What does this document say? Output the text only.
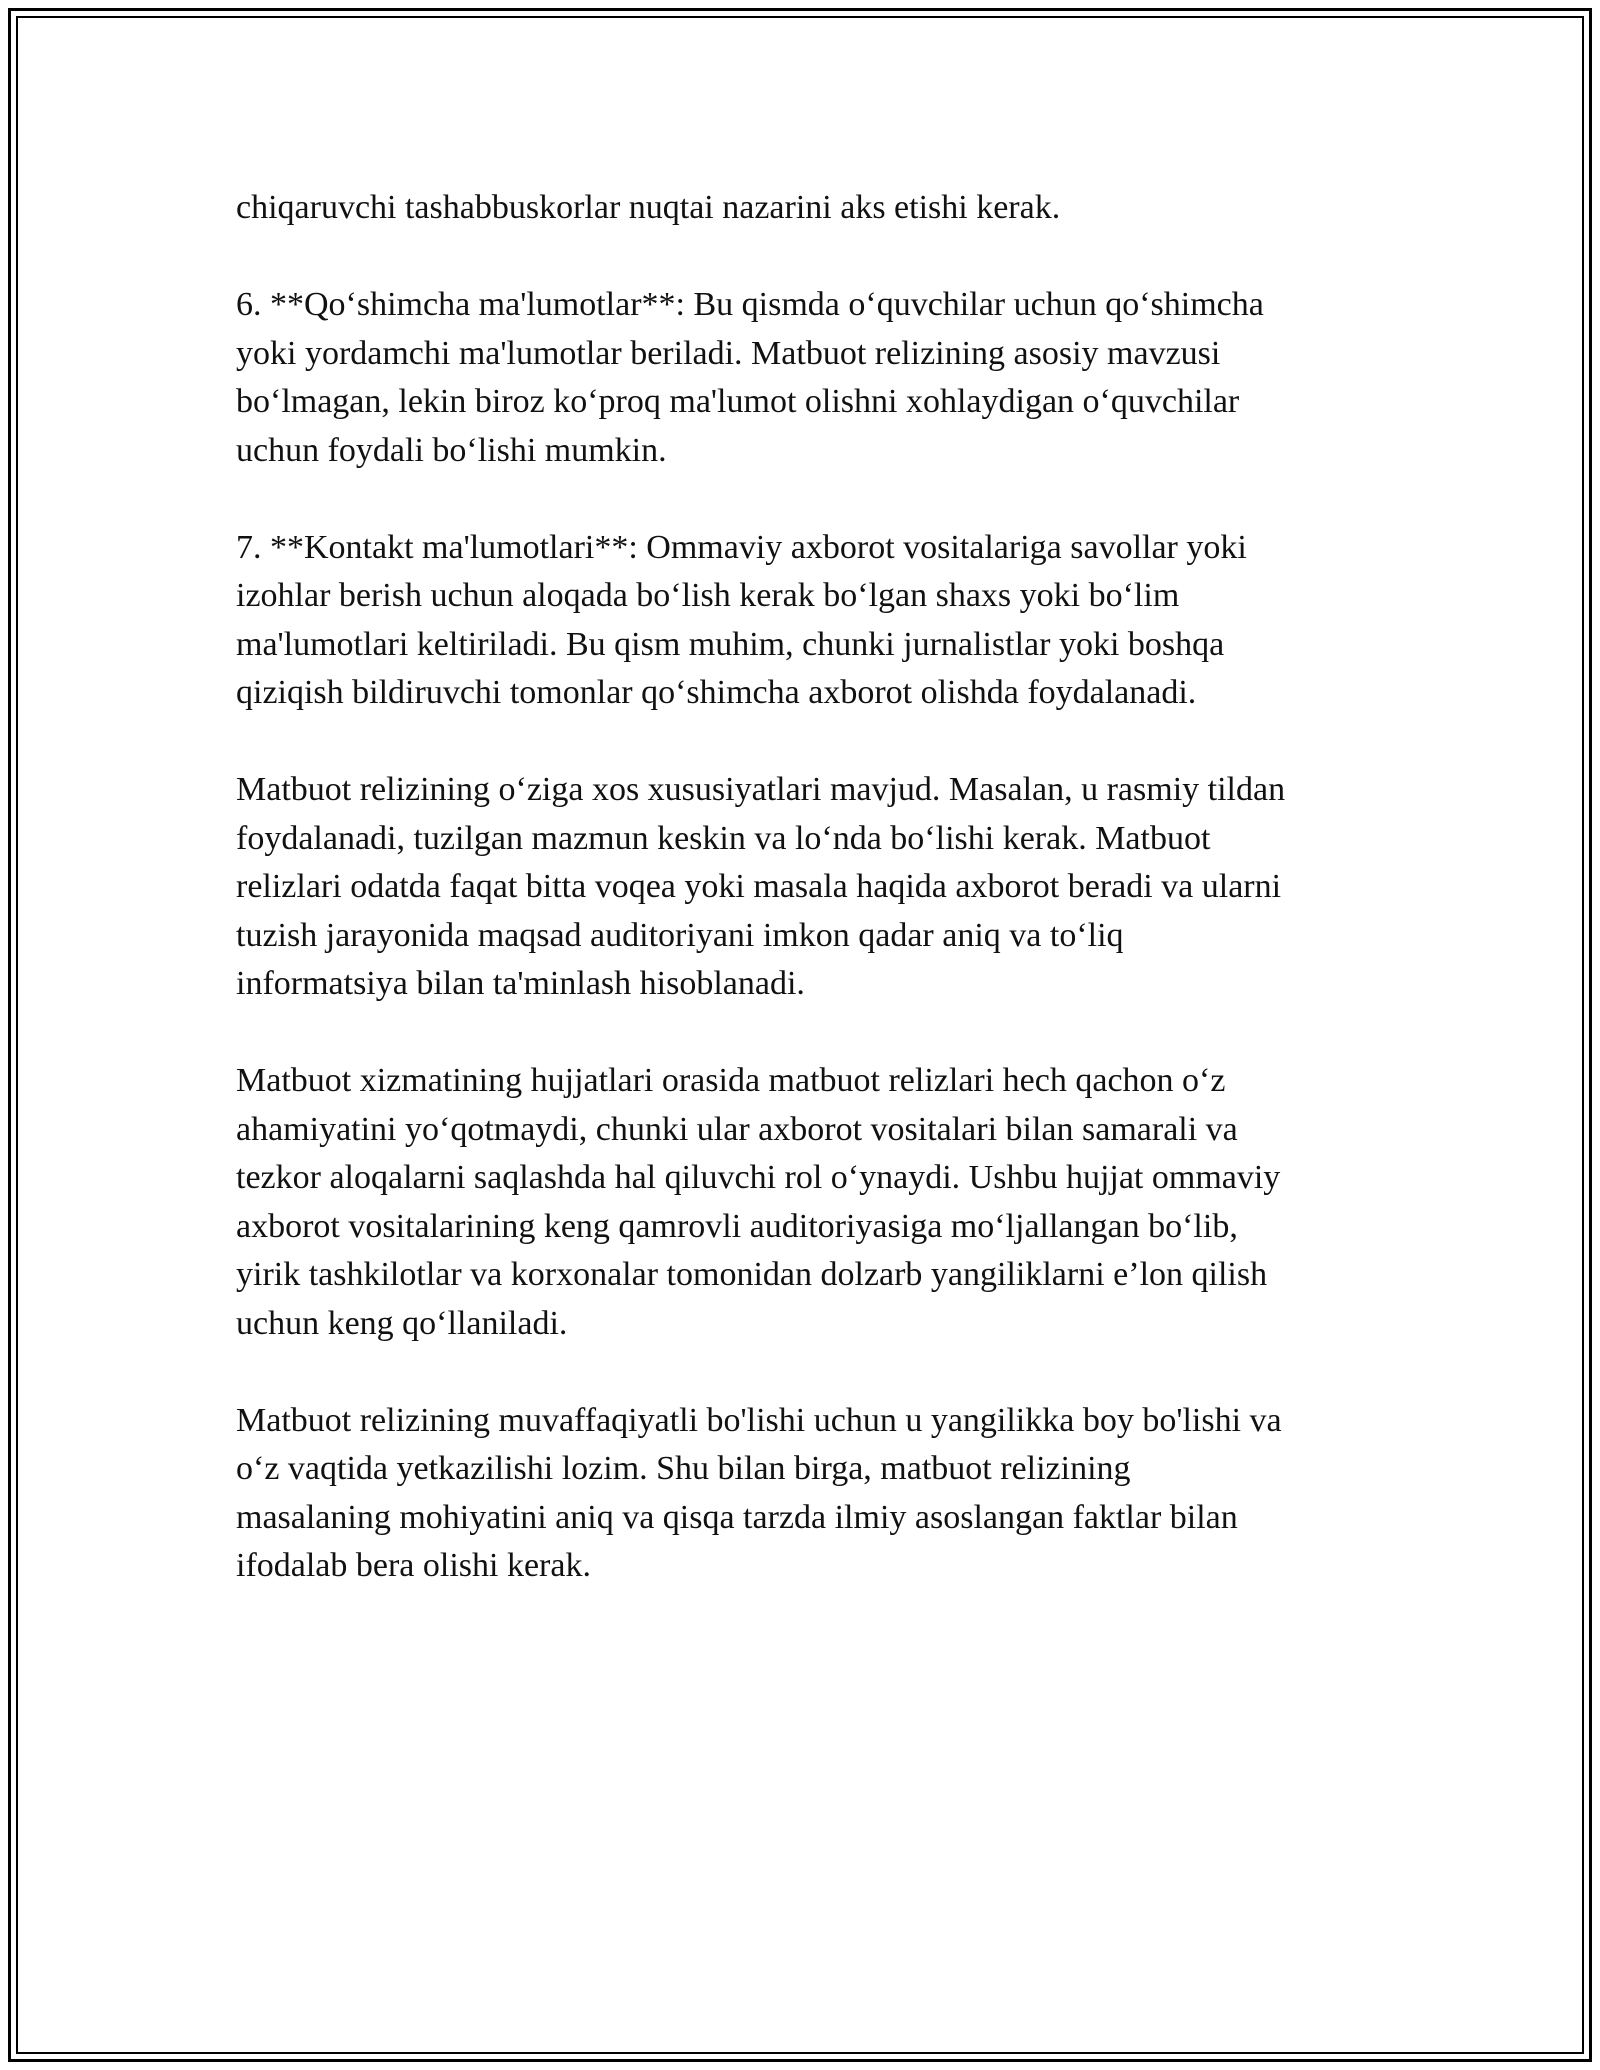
chiqaruvchi tashabbuskorlar nuqtai nazarini aks etishi kerak.

6. **Qo‘shimcha ma'lumotlar**: Bu qismda o‘quvchilar uchun qo‘shimcha
yoki yordamchi ma'lumotlar beriladi. Matbuot relizining asosiy mavzusi
bo‘lmagan, lekin biroz ko‘proq ma'lumot olishni xohlaydigan o‘quvchilar
uchun foydali bo‘lishi mumkin.

7. **Kontakt ma'lumotlari**: Ommaviy axborot vositalariga savollar yoki
izohlar berish uchun aloqada bo‘lish kerak bo‘lgan shaxs yoki bo‘lim
ma'lumotlari keltiriladi. Bu qism muhim, chunki jurnalistlar yoki boshqa
qiziqish bildiruvchi tomonlar qo‘shimcha axborot olishda foydalanadi.

Matbuot relizining o‘ziga xos xususiyatlari mavjud. Masalan, u rasmiy tildan
foydalanadi, tuzilgan mazmun keskin va lo‘nda bo‘lishi kerak. Matbuot
relizlari odatda faqat bitta voqea yoki masala haqida axborot beradi va ularni
tuzish jarayonida maqsad auditoriyani imkon qadar aniq va to‘liq
informatsiya bilan ta'minlash hisoblanadi.

Matbuot xizmatining hujjatlari orasida matbuot relizlari hech qachon o‘z
ahamiyatini yo‘qotmaydi, chunki ular axborot vositalari bilan samarali va
tezkor aloqalarni saqlashda hal qiluvchi rol o‘ynaydi. Ushbu hujjat ommaviy
axborot vositalarining keng qamrovli auditoriyasiga mo‘ljallangan bo‘lib,
yirik tashkilotlar va korxonalar tomonidan dolzarb yangiliklarni e’lon qilish
uchun keng qo‘llaniladi.

Matbuot relizining muvaffaqiyatli bo'lishi uchun u yangilikka boy bo'lishi va
o‘z vaqtida yetkazilishi lozim. Shu bilan birga, matbuot relizining
masalaning mohiyatini aniq va qisqa tarzda ilmiy asoslangan faktlar bilan
ifodalab bera olishi kerak.
